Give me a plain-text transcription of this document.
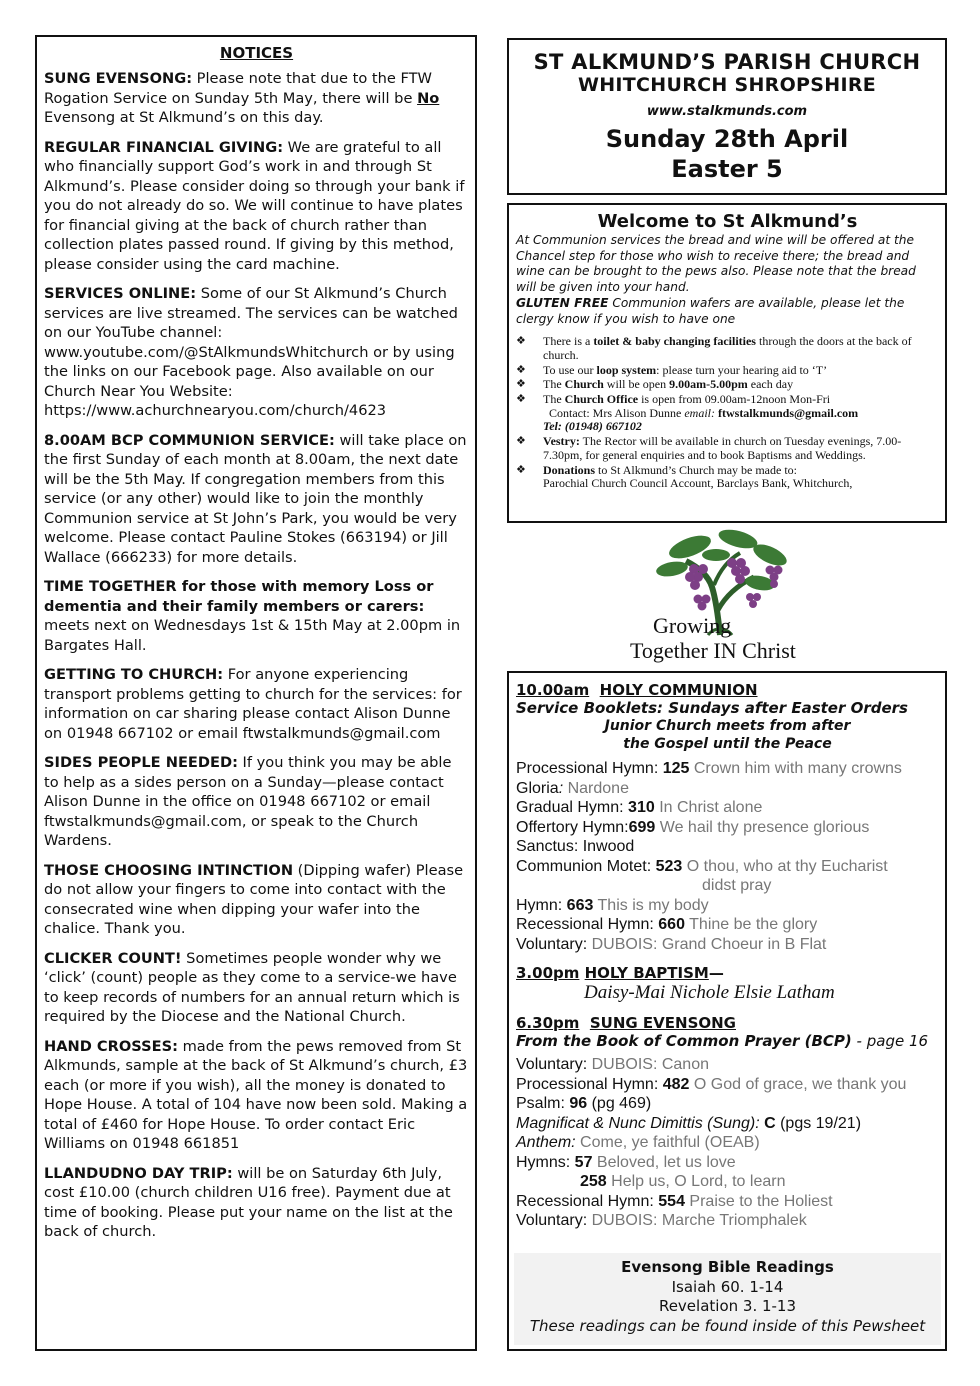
NOTICES
SUNG EVENSONG: Please note that due to the FTW Rogation Service on Sunday 5th May, there will be No Evensong at St Alkmund’s on this day.
REGULAR FINANCIAL GIVING: We are grateful to all who financially support God’s work in and through St Alkmund’s. Please consider doing so through your bank if you do not already do so. We will continue to have plates for financial giving at the back of church rather than collection plates passed round. If giving by this method, please consider using the card machine.
SERVICES ONLINE: Some of our St Alkmund’s Church services are live streamed. The services can be watched on our YouTube channel: www.youtube.com/@StAlkmundsWhitchurch or by using the links on our Facebook page. Also available on our Church Near You Website: https://www.achurchnearyou.com/church/4623
8.00AM BCP COMMUNION SERVICE: will take place on the first Sunday of each month at 8.00am, the next date will be the 5th May. If congregation members from this service (or any other) would like to join the monthly Communion service at St John’s Park, you would be very welcome. Please contact Pauline Stokes (663194) or Jill Wallace (666233) for more details.
TIME TOGETHER for those with memory Loss or dementia and their family members or carers: meets next on Wednesdays 1st & 15th May at 2.00pm in Bargates Hall.
GETTING TO CHURCH: For anyone experiencing transport problems getting to church for the services: for information on car sharing please contact Alison Dunne on 01948 667102 or email ftwstalkmunds@gmail.com
SIDES PEOPLE NEEDED: If you think you may be able to help as a sides person on a Sunday—please contact Alison Dunne in the office on 01948 667102 or email ftwstalkmunds@gmail.com, or speak to the Church Wardens.
THOSE CHOOSING INTINCTION (Dipping wafer) Please do not allow your fingers to come into contact with the consecrated wine when dipping your wafer into the chalice. Thank you.
CLICKER COUNT! Sometimes people wonder why we ‘click’ (count) people as they come to a service-we have to keep records of numbers for an annual return which is required by the Diocese and the National Church.
HAND CROSSES: made from the pews removed from St Alkmunds, sample at the back of St Alkmund’s church, £3 each (or more if you wish), all the money is donated to Hope House. A total of 104 have now been sold. Making a total of £460 for Hope House. To order contact Eric Williams on 01948 661851
LLANDUDNO DAY TRIP: will be on Saturday 6th July, cost £10.00 (church children U16 free). Payment due at time of booking. Please put your name on the list at the back of church.
ST ALKMUND’S PARISH CHURCH
WHITCHURCH SHROPSHIRE
www.stalkmunds.com
Sunday 28th April
Easter 5
Welcome to St Alkmund’s
At Communion services the bread and wine will be offered at the Chancel step for those who wish to receive there; the bread and wine can be brought to the pews also. Please note that the bread will be given into your hand.
GLUTEN FREE Communion wafers are available, please let the clergy know if you wish to have one
❖ There is a toilet & baby changing facilities through the doors at the back of church.
❖ To use our loop system: please turn your hearing aid to ‘T’
❖ The Church will be open 9.00am-5.00pm each day
❖ The Church Office is open from 09.00am-12noon Mon-Fri
Contact: Mrs Alison Dunne email: ftwstalkmunds@gmail.com
Tel: (01948) 667102
❖ Vestry: The Rector will be available in church on Tuesday evenings, 7.00-7.30pm, for general enquiries and to book Baptisms and Weddings.
❖ Donations to St Alkmund’s Church may be made to:
Parochial Church Council Account, Barclays Bank, Whitchurch,
Growing
Together IN Christ
10.00am HOLY COMMUNION
Service Booklets: Sundays after Easter Orders
Junior Church meets from after
the Gospel until the Peace
Processional Hymn: 125 Crown him with many crowns
Gloria: Nardone
Gradual Hymn: 310 In Christ alone
Offertory Hymn:699 We hail thy presence glorious
Sanctus: Inwood
Communion Motet: 523 O thou, who at thy Eucharist
didst pray
Hymn: 663 This is my body
Recessional Hymn: 660 Thine be the glory
Voluntary: DUBOIS: Grand Choeur in B Flat
3.00pm HOLY BAPTISM—
Daisy-Mai Nichole Elsie Latham
6.30pm SUNG EVENSONG
From the Book of Common Prayer (BCP) - page 16
Voluntary: DUBOIS: Canon
Processional Hymn: 482 O God of grace, we thank you
Psalm: 96 (pg 469)
Magnificat & Nunc Dimittis (Sung): C (pgs 19/21)
Anthem: Come, ye faithful (OEAB)
Hymns: 57 Beloved, let us love
258 Help us, O Lord, to learn
Recessional Hymn: 554 Praise to the Holiest
Voluntary: DUBOIS: Marche Triomphalek
Evensong Bible Readings
Isaiah 60. 1-14
Revelation 3. 1-13
These readings can be found inside of this Pewsheet
